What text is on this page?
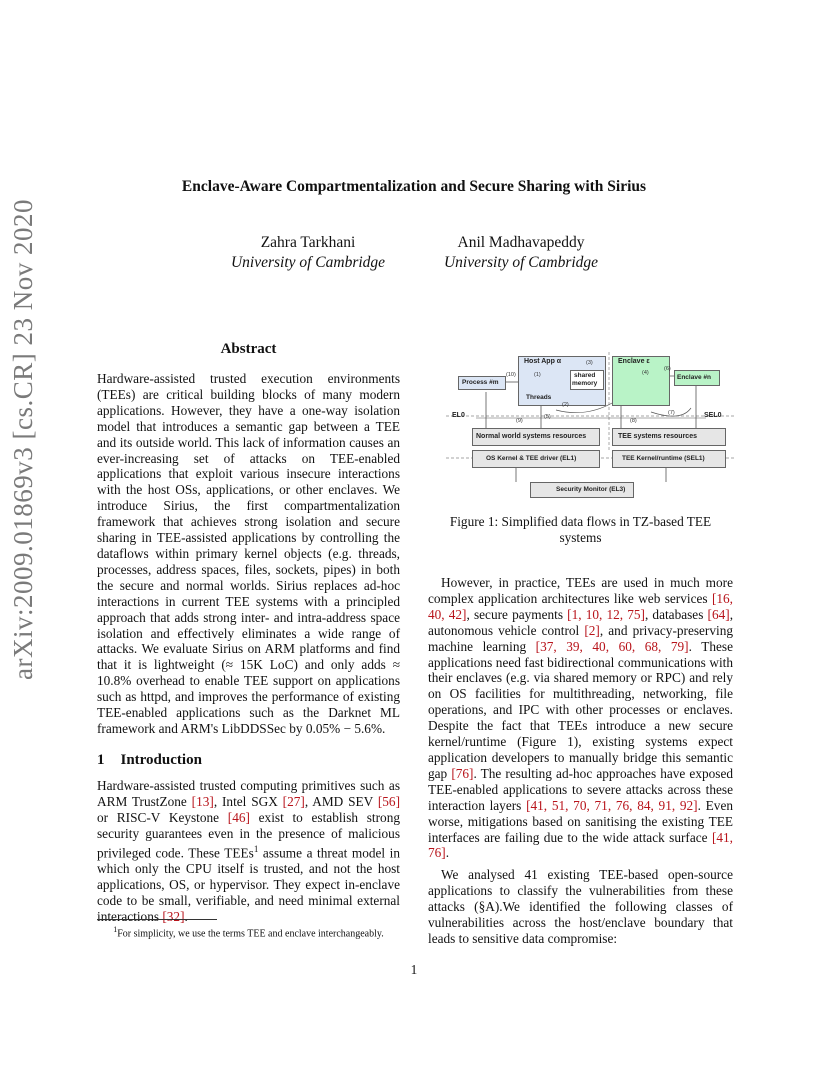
arXiv:2009.01869v3 [cs.CR] 23 Nov 2020
Enclave-Aware Compartmentalization and Secure Sharing with Sirius
Zahra Tarkhani
University of Cambridge
Anil Madhavapeddy
University of Cambridge
Abstract
Hardware-assisted trusted execution environments (TEEs) are critical building blocks of many modern applications. However, they have a one-way isolation model that introduces a semantic gap between a TEE and its outside world. This lack of information causes an ever-increasing set of attacks on TEE-enabled applications that exploit various insecure interactions with the host OSs, applications, or other enclaves. We introduce Sirius, the first compartmentalization framework that achieves strong isolation and secure sharing in TEE-assisted applications by controlling the dataflows within primary kernel objects (e.g. threads, processes, address spaces, files, sockets, pipes) in both the secure and normal worlds. Sirius replaces ad-hoc interactions in current TEE systems with a principled approach that adds strong inter- and intra-address space isolation and effectively eliminates a wide range of attacks. We evaluate Sirius on ARM platforms and find that it is lightweight (≈ 15K LoC) and only adds ≈ 10.8% overhead to enable TEE support on applications such as httpd, and improves the performance of existing TEE-enabled applications such as the Darknet ML framework and ARM's LibDDSSec by 0.05% − 5.6%.
1 Introduction

Hardware-assisted trusted computing primitives such as ARM TrustZone [13], Intel SGX [27], AMD SEV [56] or RISC-V Keystone [46] exist to establish strong security guarantees even in the presence of malicious privileged code. These TEEs$^1$ assume a threat model in which only the CPU itself is trusted, and not the host applications, OS, or hypervisor. They expect in-enclave code to be small, verifiable, and need minimal external interactions [32].

$^1$For simplicity, we use the terms TEE and enclave interchangeably.
Host App α
Process #m
shared
memory
Threads
Enclave ε
Enclave #n
EL0	SEL0
Normal world systems resources	TEE systems resources
OS Kernel & TEE driver (EL1)	TEE Kernel/runtime (SEL1)
Security Monitor (EL3)
(10)	(1)
(3)
(2)
(4)
(5)
(6)
(7)
(8)
(9)
Figure 1: Simplified data flows in TZ-based TEE systems

However, in practice, TEEs are used in much more complex application architectures like web services [16, 40, 42], secure payments [1, 10, 12, 75], databases [64], autonomous vehicle control [2], and privacy-preserving machine learning [37, 39, 40, 60, 68, 79]. These applications need fast bidirectional communications with their enclaves (e.g. via shared memory or RPC) and rely on OS facilities for multithreading, networking, file operations, and IPC with other processes or enclaves. Despite the fact that TEEs introduce a new secure kernel/runtime (Figure 1), existing systems expect application developers to manually bridge this semantic gap [76]. The resulting ad-hoc approaches have exposed TEE-enabled applications to severe attacks across these interaction layers [41, 51, 70, 71, 76, 84, 91, 92]. Even worse, mitigations based on sanitising the existing TEE interfaces are failing due to the wide attack surface [41, 76].

We analysed 41 existing TEE-based open-source applications to classify the vulnerabilities from these attacks (§A).We identified the following classes of vulnerabilities across the host/enclave boundary that leads to sensitive data compromise:

1
